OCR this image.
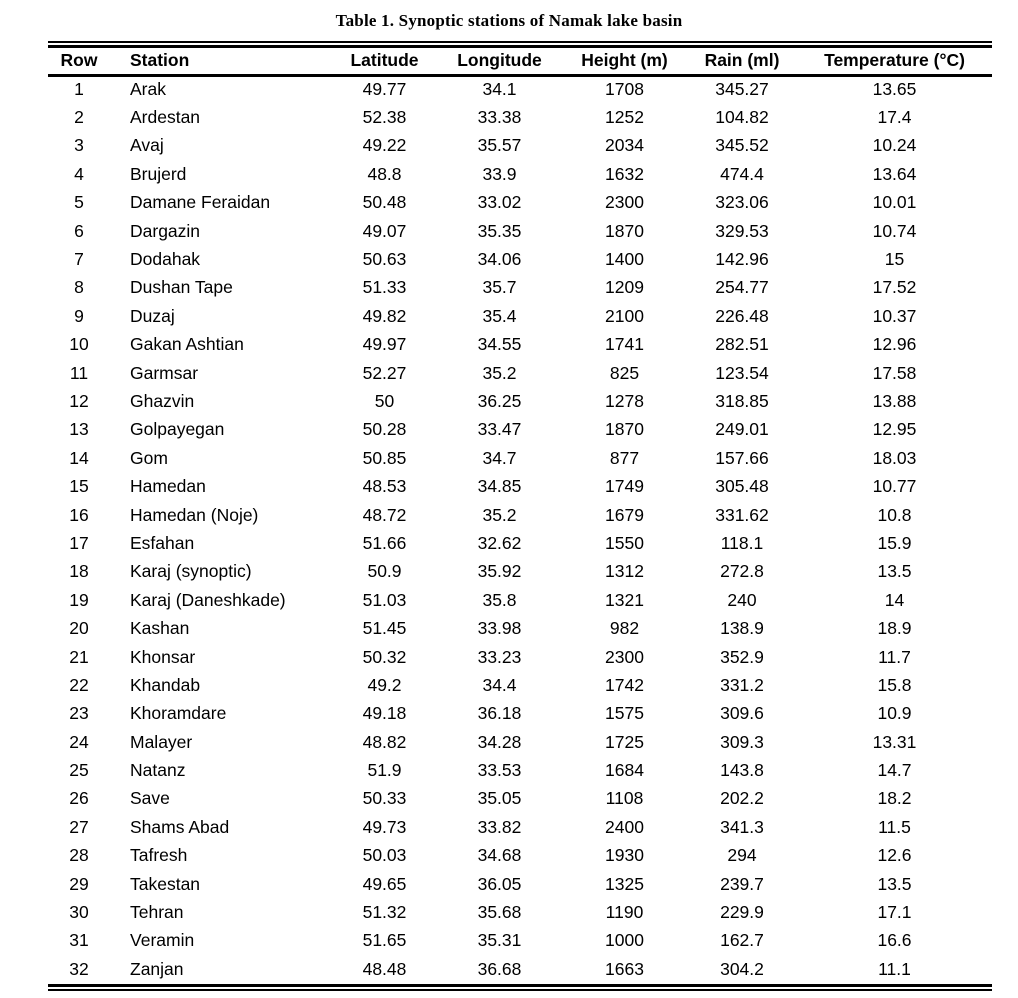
Table 1. Synoptic stations of Namak lake basin
Row	Station	Latitude	Longitude	Height (m)	Rain (ml)	Temperature (°C)
1	Arak	49.77	34.1	1708	345.27	13.65
2	Ardestan	52.38	33.38	1252	104.82	17.4
3	Avaj	49.22	35.57	2034	345.52	10.24
4	Brujerd	48.8	33.9	1632	474.4	13.64
5	Damane Feraidan	50.48	33.02	2300	323.06	10.01
6	Dargazin	49.07	35.35	1870	329.53	10.74
7	Dodahak	50.63	34.06	1400	142.96	15
8	Dushan Tape	51.33	35.7	1209	254.77	17.52
9	Duzaj	49.82	35.4	2100	226.48	10.37
10	Gakan Ashtian	49.97	34.55	1741	282.51	12.96
11	Garmsar	52.27	35.2	825	123.54	17.58
12	Ghazvin	50	36.25	1278	318.85	13.88
13	Golpayegan	50.28	33.47	1870	249.01	12.95
14	Gom	50.85	34.7	877	157.66	18.03
15	Hamedan	48.53	34.85	1749	305.48	10.77
16	Hamedan (Noje)	48.72	35.2	1679	331.62	10.8
17	Esfahan	51.66	32.62	1550	118.1	15.9
18	Karaj (synoptic)	50.9	35.92	1312	272.8	13.5
19	Karaj (Daneshkade)	51.03	35.8	1321	240	14
20	Kashan	51.45	33.98	982	138.9	18.9
21	Khonsar	50.32	33.23	2300	352.9	11.7
22	Khandab	49.2	34.4	1742	331.2	15.8
23	Khoramdare	49.18	36.18	1575	309.6	10.9
24	Malayer	48.82	34.28	1725	309.3	13.31
25	Natanz	51.9	33.53	1684	143.8	14.7
26	Save	50.33	35.05	1108	202.2	18.2
27	Shams Abad	49.73	33.82	2400	341.3	11.5
28	Tafresh	50.03	34.68	1930	294	12.6
29	Takestan	49.65	36.05	1325	239.7	13.5
30	Tehran	51.32	35.68	1190	229.9	17.1
31	Veramin	51.65	35.31	1000	162.7	16.6
32	Zanjan	48.48	36.68	1663	304.2	11.1
